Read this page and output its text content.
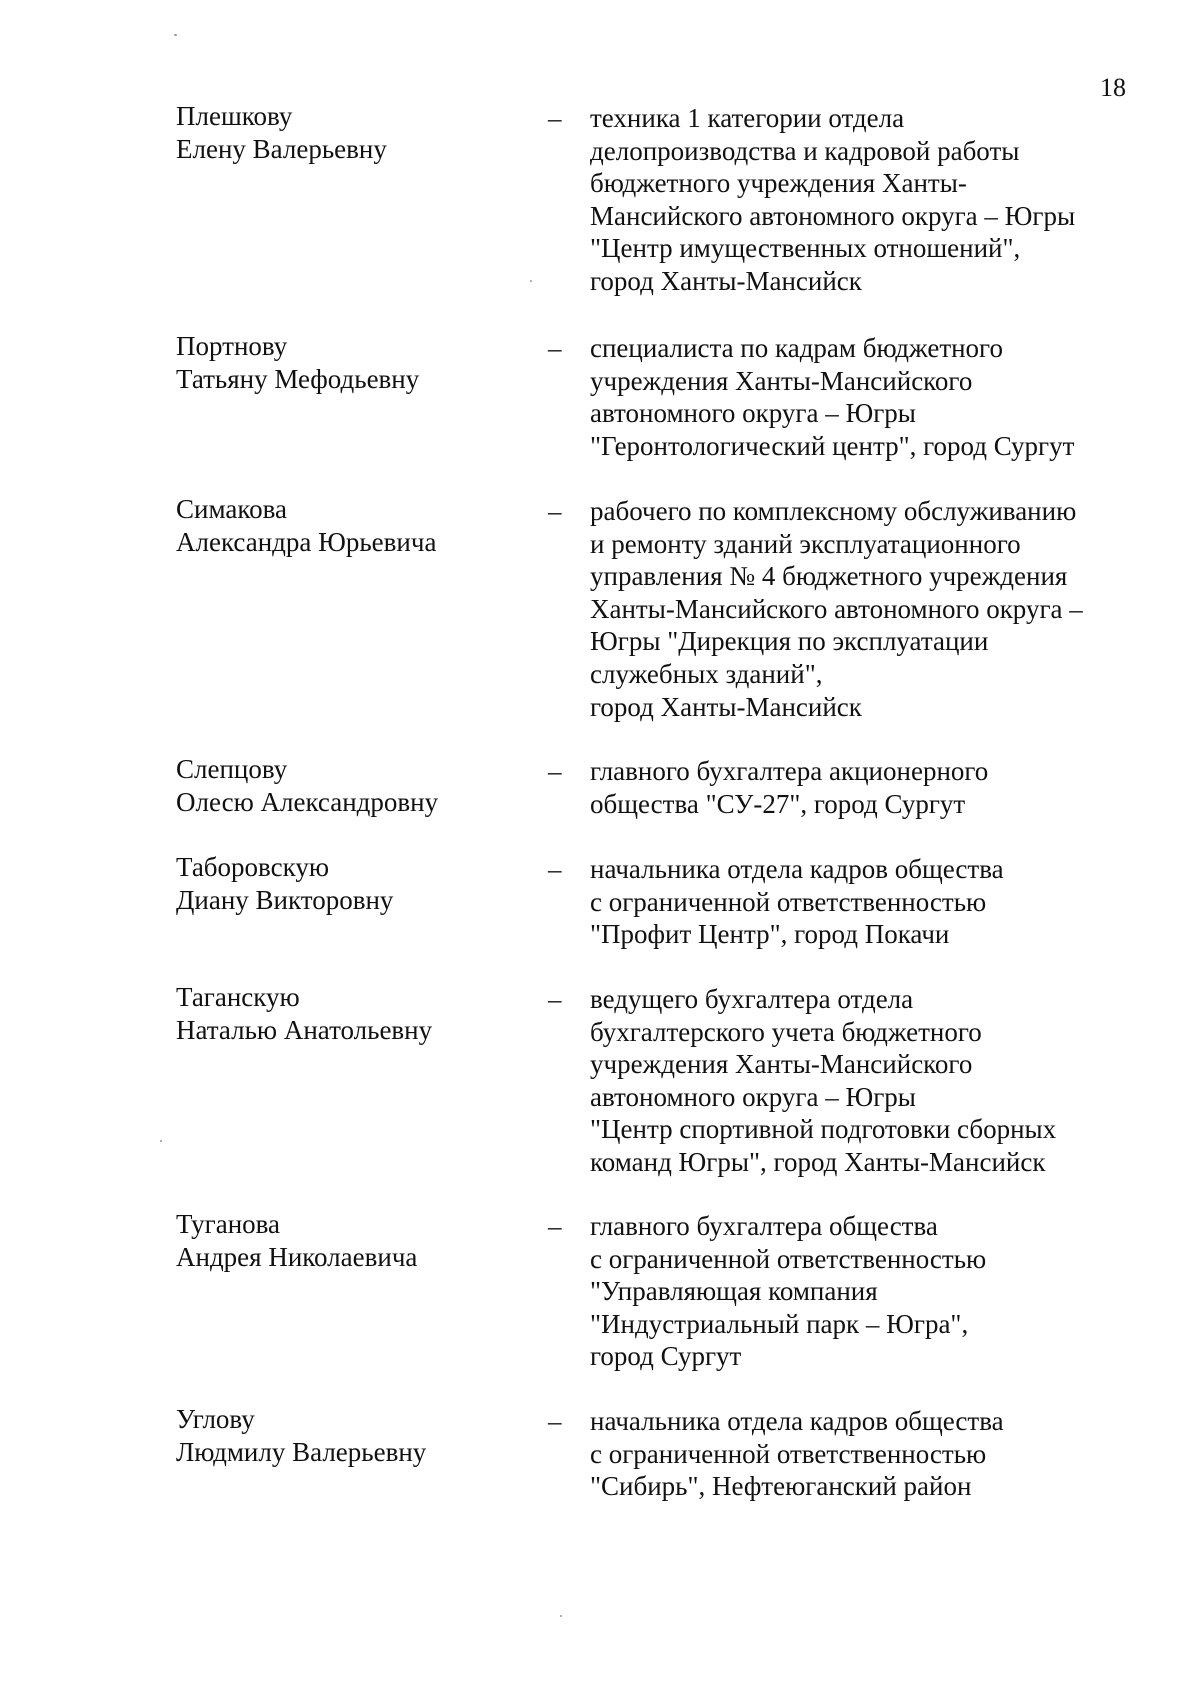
18
Плешкову
Елену Валерьевну
– техника 1 категории отдела
делопроизводства и кадровой работы
бюджетного учреждения Ханты-
Мансийского автономного округа – Югры
"Центр имущественных отношений",
город Ханты-Мансийск
Портнову
Татьяну Мефодьевну
– специалиста по кадрам бюджетного
учреждения Ханты-Мансийского
автономного округа – Югры
"Геронтологический центр", город Сургут
Симакова
Александра Юрьевича
– рабочего по комплексному обслуживанию
и ремонту зданий эксплуатационного
управления № 4 бюджетного учреждения
Ханты-Мансийского автономного округа –
Югры "Дирекция по эксплуатации
служебных зданий",
город Ханты-Мансийск
Слепцову
Олесю Александровну
– главного бухгалтера акционерного
общества "СУ-27", город Сургут
Таборовскую
Диану Викторовну
– начальника отдела кадров общества
с ограниченной ответственностью
"Профит Центр", город Покачи
Таганскую
Наталью Анатольевну
– ведущего бухгалтера отдела
бухгалтерского учета бюджетного
учреждения Ханты-Мансийского
автономного округа – Югры
"Центр спортивной подготовки сборных
команд Югры", город Ханты-Мансийск
Туганова
Андрея Николаевича
– главного бухгалтера общества
с ограниченной ответственностью
"Управляющая компания
"Индустриальный парк – Югра",
город Сургут
Углову
Людмилу Валерьевну
– начальника отдела кадров общества
с ограниченной ответственностью
"Сибирь", Нефтеюганский район
